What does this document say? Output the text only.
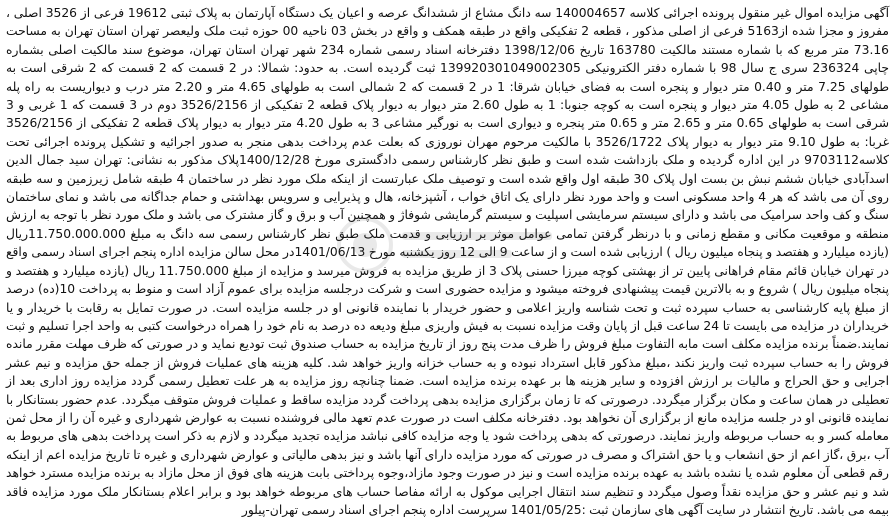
آگهی مزایده اموال غیر منقول پرونده اجرائی کلاسه 140004657 سه دانگ مشاع از ششدانگ عرصه و اعیان یک دستگاه آپارتمان به پلاک ثبتی 19612 فرعی از 3526 اصلی ، مفروز و مجزا شده از5163 فرعی از اصلی مذکور ، قطعه 2 تفکیکی واقع در طبقه همکف و واقع در بخش 03 ناحیه 00 حوزه ثبت ملک ولیعصر تهران استان تهران به مساحت 73.16 متر مربع که با شماره مستند مالکیت 163780 تاریخ 1398/12/06 دفترخانه اسناد رسمی شماره 234 شهر تهران استان تهران، موضوع سند مالکیت اصلی بشماره چاپی 236324 سری ج سال 98 با شماره دفتر الکترونیکی 139920301049002305 ثبت گردیده است. به حدود: شمالا: در 2 قسمت که 2 قسمت که 2 شرقی است به طولهای 7.25 متر و 0.40 متر دیوار و پنجره است به فضای خیابان شرقا: 1 در 2 قسمت که 2 شمالی است به طولهای 4.65 متر و 2.20 متر درب و دیواریست به راه پله مشاعی 2 به طول 4.05 متر دیوار و پنجره است به کوچه جنوبا: 1 به طول 2.60 متر دیوار به دیوار پلاک قطعه 2 تفکیکی از 3526/2156 دوم در 3 قسمت که 1 غربی و 3 شرقی است به طولهای 0.65 متر و 2.65 متر و 0.65 متر پنجره و دیواری است به نورگیر مشاعی 3 به طول 4.20 متر دیوار به دیوار پلاک قطعه 2 تفکیکی از 3526/2156 غربا: به طول 9.10 متر دیوار به دیوار پلاک 3526/1722 با مالکیت مرحوم مهران نوروزی که بعلت عدم پرداخت بدهی منجر به صدور اجرائیه و تشکیل پرونده اجرائی تحت کلاسه9703112 در این اداره گردیده و ملک بازداشت شده است و طبق نظر کارشناس رسمی دادگستری مورخ 1400/12/28پلاک مذکور به نشانی: تهران سید جمال الدین اسدآبادی خیابان ششم نبش بن بست اول پلاک 30 طبقه اول واقع شده است و توصیف ملک عبارتست از اینکه ملک مورد نظر در ساختمان 4 طبقه شامل زیرزمین و سه طبقه روی آن می باشد که هر 4 واحد مسکونی است و واحد مورد نظر دارای یک اتاق خواب ، آشپزخانه، هال و پذیرایی و سرویس بهداشتی و حمام جداگانه می باشد و نمای ساختمان سنگ و کف واحد سرامیک می باشد و دارای سیستم سرمایشی اسپلیت و سیستم گرمایشی شوفاژ و همچنین آب و برق و گاز مشترک می باشد و ملک مورد نظر با توجه به ارزش منطقه و موقعیت مکانی و مقطع زمانی و با درنظر گرفتن تمامی عوامل موثر بر ارزیابی و قدمت ملک طبق نظر کارشناس رسمی سه دانگ به مبلغ 11.750.000.000ریال (یازده میلیارد و هفتصد و پنجاه میلیون ریال ) ارزیابی شده است و از ساعت 9 الی 12 روز یکشنبه مورخ 1401/06/13در محل سالن مزایده اداره پنجم اجرای اسناد رسمی واقع در تهران خیابان قائم مقام فراهانی پایین تر از بهشتی کوچه میرزا حسنی پلاک 3 از طریق مزایده به فروش میرسد و مزایده از مبلغ 11.750.000 ریال (یازده میلیارد و هفتصد و پنجاه میلیون ریال ) شروع و به بالاترین قیمت پیشنهادی فروخته میشود و مزایده حضوری است و شرکت درجلسه مزایده برای عموم آزاد است و منوط به پرداخت 10(ده) درصد از مبلغ پایه کارشناسی به حساب سپرده ثبت و تحت شناسه واریز اعلامی و حضور خریدار با نماینده قانونی او در جلسه مزایده است. در صورت تمایل به رقابت با خریدار و یا خریداران در مزایده می بایست تا 24 ساعت قبل از پایان وقت مزایده نسبت به فیش واریزی مبلغ ودیعه ده درصد به نام خود را همراه درخواست کتبی به واحد اجرا تسلیم و ثبت نمایند.ضمناً برنده مزایده مکلف است مابه التفاوت مبلغ فروش را ظرف مدت پنج روز از تاریخ مزایده به حساب صندوق ثبت تودیع نماید و در صورتی که ظرف مهلت مقرر مانده فروش را به حساب سپرده ثبت واریز نکند ،مبلغ مذکور قابل استرداد نبوده و به حساب خزانه واریز خواهد شد. کلیه هزینه های عملیات فروش از جمله حق مزایده و نیم عشر اجرایی و حق الحراج و مالیات بر ارزش افزوده و سایر هزینه ها بر عهده برنده مزایده است. ضمنا چنانچه روز مزایده به هر علت تعطیل رسمی گردد مزایده روز اداری بعد از تعطیلی در همان ساعت و مکان برگزار میگردد. درصورتی که تا زمان برگزاری مزایده بدهی پرداخت گردد مزایده ساقط و عملیات فروش متوقف میگردد. عدم حضور بستانکار با نماینده قانونی او در جلسه مزایده مانع از برگزاری آن نخواهد بود. دفترخانه مکلف است در صورت عدم تعهد مالی فروشنده نسبت به عوارض شهرداری و غیره آن را از محل ثمن معامله کسر و به حساب مربوطه واریز نمایند. درصورتی که بدهی پرداخت شود یا وجه مزایده کافی نباشد مزایده تجدید میگردد و لازم به ذکر است پرداخت بدهی های مربوط به آب ،برق ،گاز اعم از حق انشعاب و یا حق اشتراک و مصرف در صورتی که مورد مزایده دارای آنها باشد و نیز بدهی مالیاتی و عوارض شهرداری و غیره تا تاریخ مزایده اعم از اینکه رقم قطعی آن معلوم شده یا نشده باشد به عهده برنده مزایده است و نیز در صورت وجود مازاد،وجوه پرداختی بابت هزینه های فوق از محل مازاد به برنده مزایده مسترد خواهد شد و نیم عشر و حق مزایده نقداً وصول میگردد و تنظیم سند انتقال اجرایی موکول به ارائه مفاصا حساب های مربوطه خواهد بود و برابر اعلام بستانکار ملک مورد مزایده فاقد بیمه می باشد. تاریخ انتشار در سایت آگهی های سازمان ثبت :1401/05/25 سرپرست اداره پنجم اجرای اسناد رسمی تهران-پیلور
